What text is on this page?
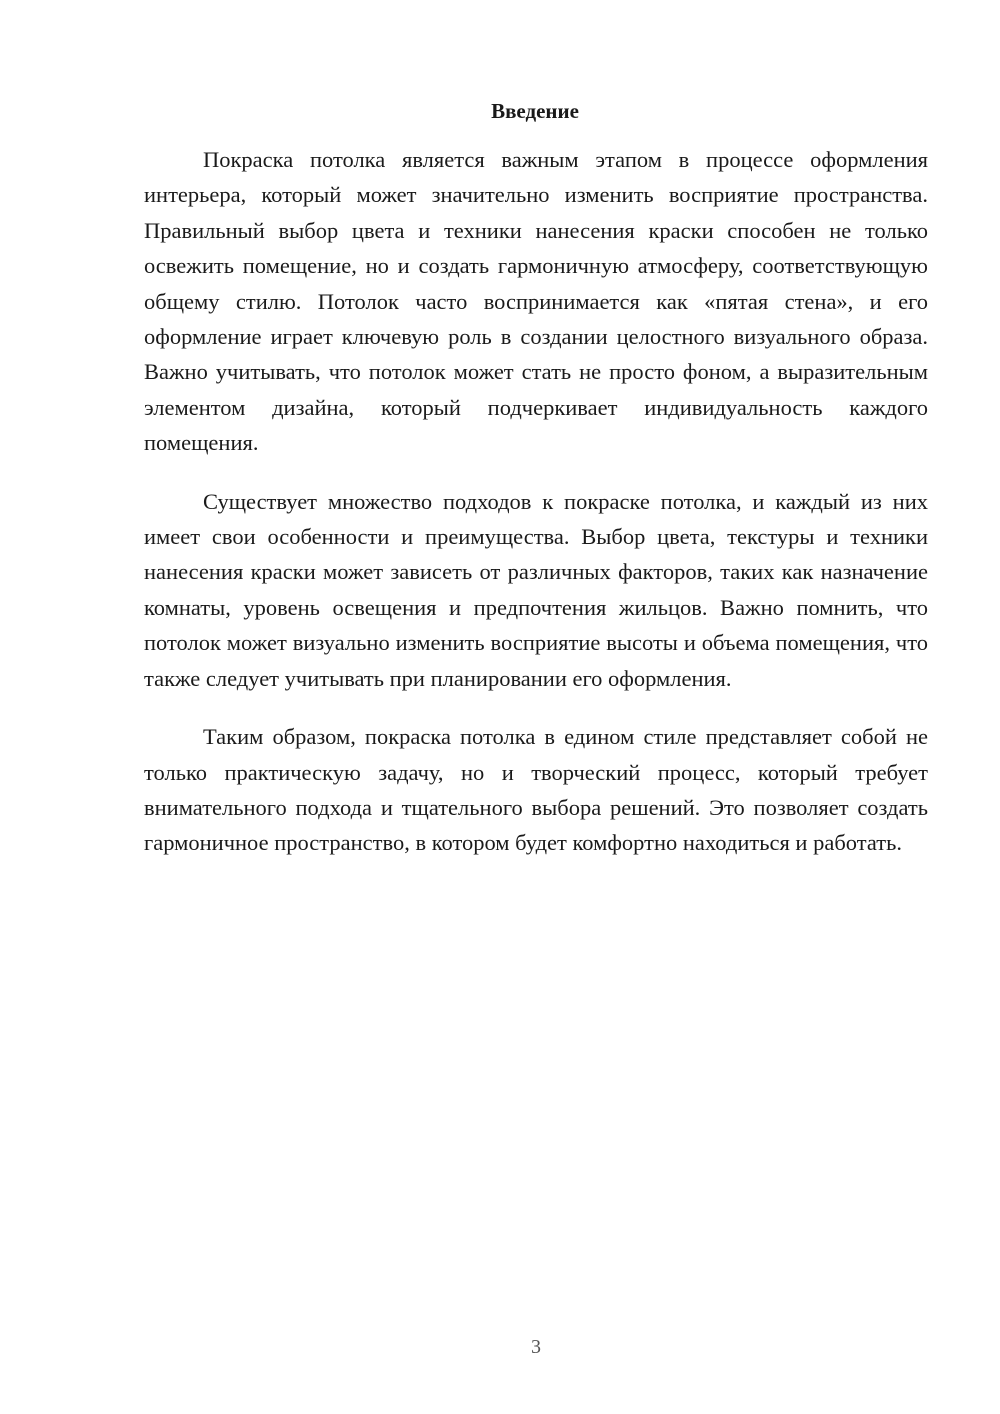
Введение

Покраска потолка является важным этапом в процессе оформления интерьера, который может значительно изменить восприятие пространства. Правильный выбор цвета и техники нанесения краски способен не только освежить помещение, но и создать гармоничную атмосферу, соответствующую общему стилю. Потолок часто воспринимается как «пятая стена», и его оформление играет ключевую роль в создании целостного визуального образа. Важно учитывать, что потолок может стать не просто фоном, а выразительным элементом дизайна, который подчеркивает индивидуальность каждого помещения.

Существует множество подходов к покраске потолка, и каждый из них имеет свои особенности и преимущества. Выбор цвета, текстуры и техники нанесения краски может зависеть от различных факторов, таких как назначение комнаты, уровень освещения и предпочтения жильцов. Важно помнить, что потолок может визуально изменить восприятие высоты и объема помещения, что также следует учитывать при планировании его оформления.

Таким образом, покраска потолка в едином стиле представляет собой не только практическую задачу, но и творческий процесс, который требует внимательного подхода и тщательного выбора решений. Это позволяет создать гармоничное пространство, в котором будет комфортно находиться и работать.

3
